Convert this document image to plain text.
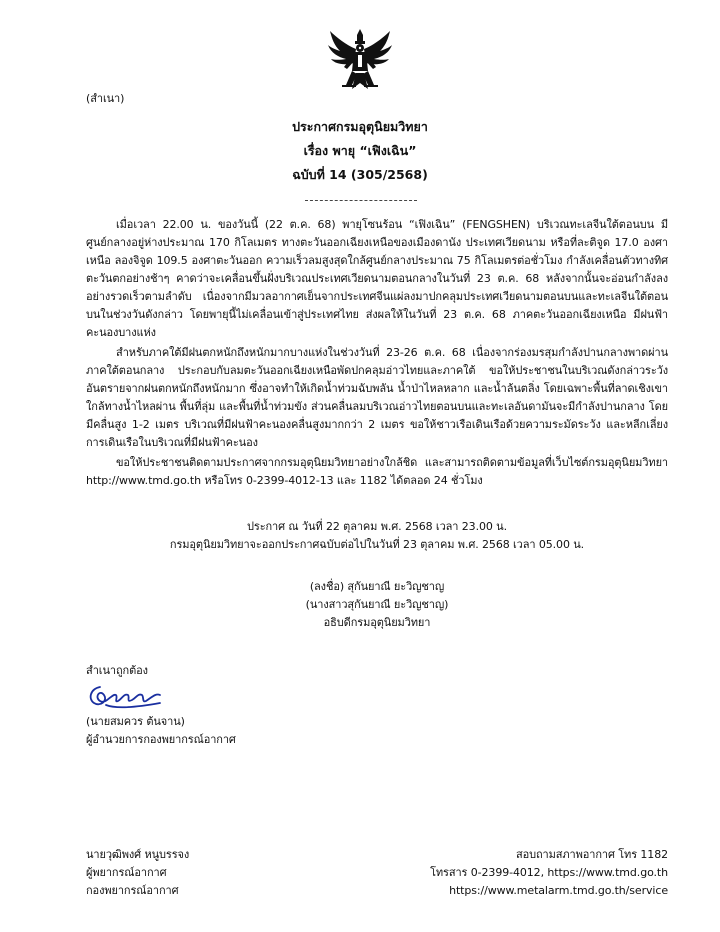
(สำเนา)
ประกาศกรมอุตุนิยมวิทยา
เรื่อง พายุ “เฟิงเฉิน”
ฉบับที่ 14 (305/2568)

เมื่อเวลา 22.00 น. ของวันนี้ (22 ต.ค. 68) พายุโซนร้อน “เฟิงเฉิน” (FENGSHEN) บริเวณทะเลจีนใต้ตอนบน มีศูนย์กลางอยู่ห่างประมาณ 170 กิโลเมตร ทางตะวันออกเฉียงเหนือของเมืองดานัง ประเทศเวียดนาม หรือที่ละติจูด 17.0 องศาเหนือ ลองจิจูด 109.5 องศาตะวันออก ความเร็วลมสูงสุดใกล้ศูนย์กลางประมาณ 75 กิโลเมตรต่อชั่วโมง กำลังเคลื่อนตัวทางทิศตะวันตกอย่างช้าๆ คาดว่าจะเคลื่อนขึ้นฝั่งบริเวณประเทศเวียดนามตอนกลางในวันที่ 23 ต.ค. 68 หลังจากนั้นจะอ่อนกำลังลงอย่างรวดเร็วตามลำดับ เนื่องจากมีมวลอากาศเย็นจากประเทศจีนแผ่ลงมาปกคลุมประเทศเวียดนามตอนบนและทะเลจีนใต้ตอนบนในช่วงวันดังกล่าว โดยพายุนี้ไม่เคลื่อนเข้าสู่ประเทศไทย ส่งผลให้ในวันที่ 23 ต.ค. 68 ภาคตะวันออกเฉียงเหนือ มีฝนฟ้าคะนองบางแห่ง

สำหรับภาคใต้มีฝนตกหนักถึงหนักมากบางแห่งในช่วงวันที่ 23-26 ต.ค. 68 เนื่องจากร่องมรสุมกำลังปานกลางพาดผ่านภาคใต้ตอนกลาง ประกอบกับลมตะวันออกเฉียงเหนือพัดปกคลุมอ่าวไทยและภาคใต้ ขอให้ประชาชนในบริเวณดังกล่าวระวังอันตรายจากฝนตกหนักถึงหนักมาก ซึ่งอาจทำให้เกิดน้ำท่วมฉับพลัน น้ำป่าไหลหลาก และน้ำล้นตลิ่ง โดยเฉพาะพื้นที่ลาดเชิงเขาใกล้ทางน้ำไหลผ่าน พื้นที่ลุ่ม และพื้นที่น้ำท่วมขัง ส่วนคลื่นลมบริเวณอ่าวไทยตอนบนและทะเลอันดามันจะมีกำลังปานกลาง โดยมีคลื่นสูง 1-2 เมตร บริเวณที่มีฝนฟ้าคะนองคลื่นสูงมากกว่า 2 เมตร ขอให้ชาวเรือเดินเรือด้วยความระมัดระวัง และหลีกเลี่ยงการเดินเรือในบริเวณที่มีฝนฟ้าคะนอง

ขอให้ประชาชนติดตามประกาศจากกรมอุตุนิยมวิทยาอย่างใกล้ชิด และสามารถติดตามข้อมูลที่เว็บไซต์กรมอุตุนิยมวิทยา http://www.tmd.go.th หรือโทร 0-2399-4012-13 และ 1182 ได้ตลอด 24 ชั่วโมง

ประกาศ ณ วันที่ 22 ตุลาคม พ.ศ. 2568 เวลา 23.00 น.
กรมอุตุนิยมวิทยาจะออกประกาศฉบับต่อไปในวันที่ 23 ตุลาคม พ.ศ. 2568 เวลา 05.00 น.
(ลงชื่อ) สุกันยาณี ยะวิญชาญ
(นางสาวสุกันยาณี ยะวิญชาญ)
อธิบดีกรมอุตุนิยมวิทยา
สำเนาถูกต้อง
(นายสมควร ต้นจาน)
ผู้อำนวยการกองพยากรณ์อากาศ
นายวุฒิพงศ์ หนูบรรจง
ผู้พยากรณ์อากาศ
กองพยากรณ์อากาศ
สอบถามสภาพอากาศ โทร 1182
โทรสาร 0-2399-4012, https://www.tmd.go.th
https://www.metalarm.tmd.go.th/service
